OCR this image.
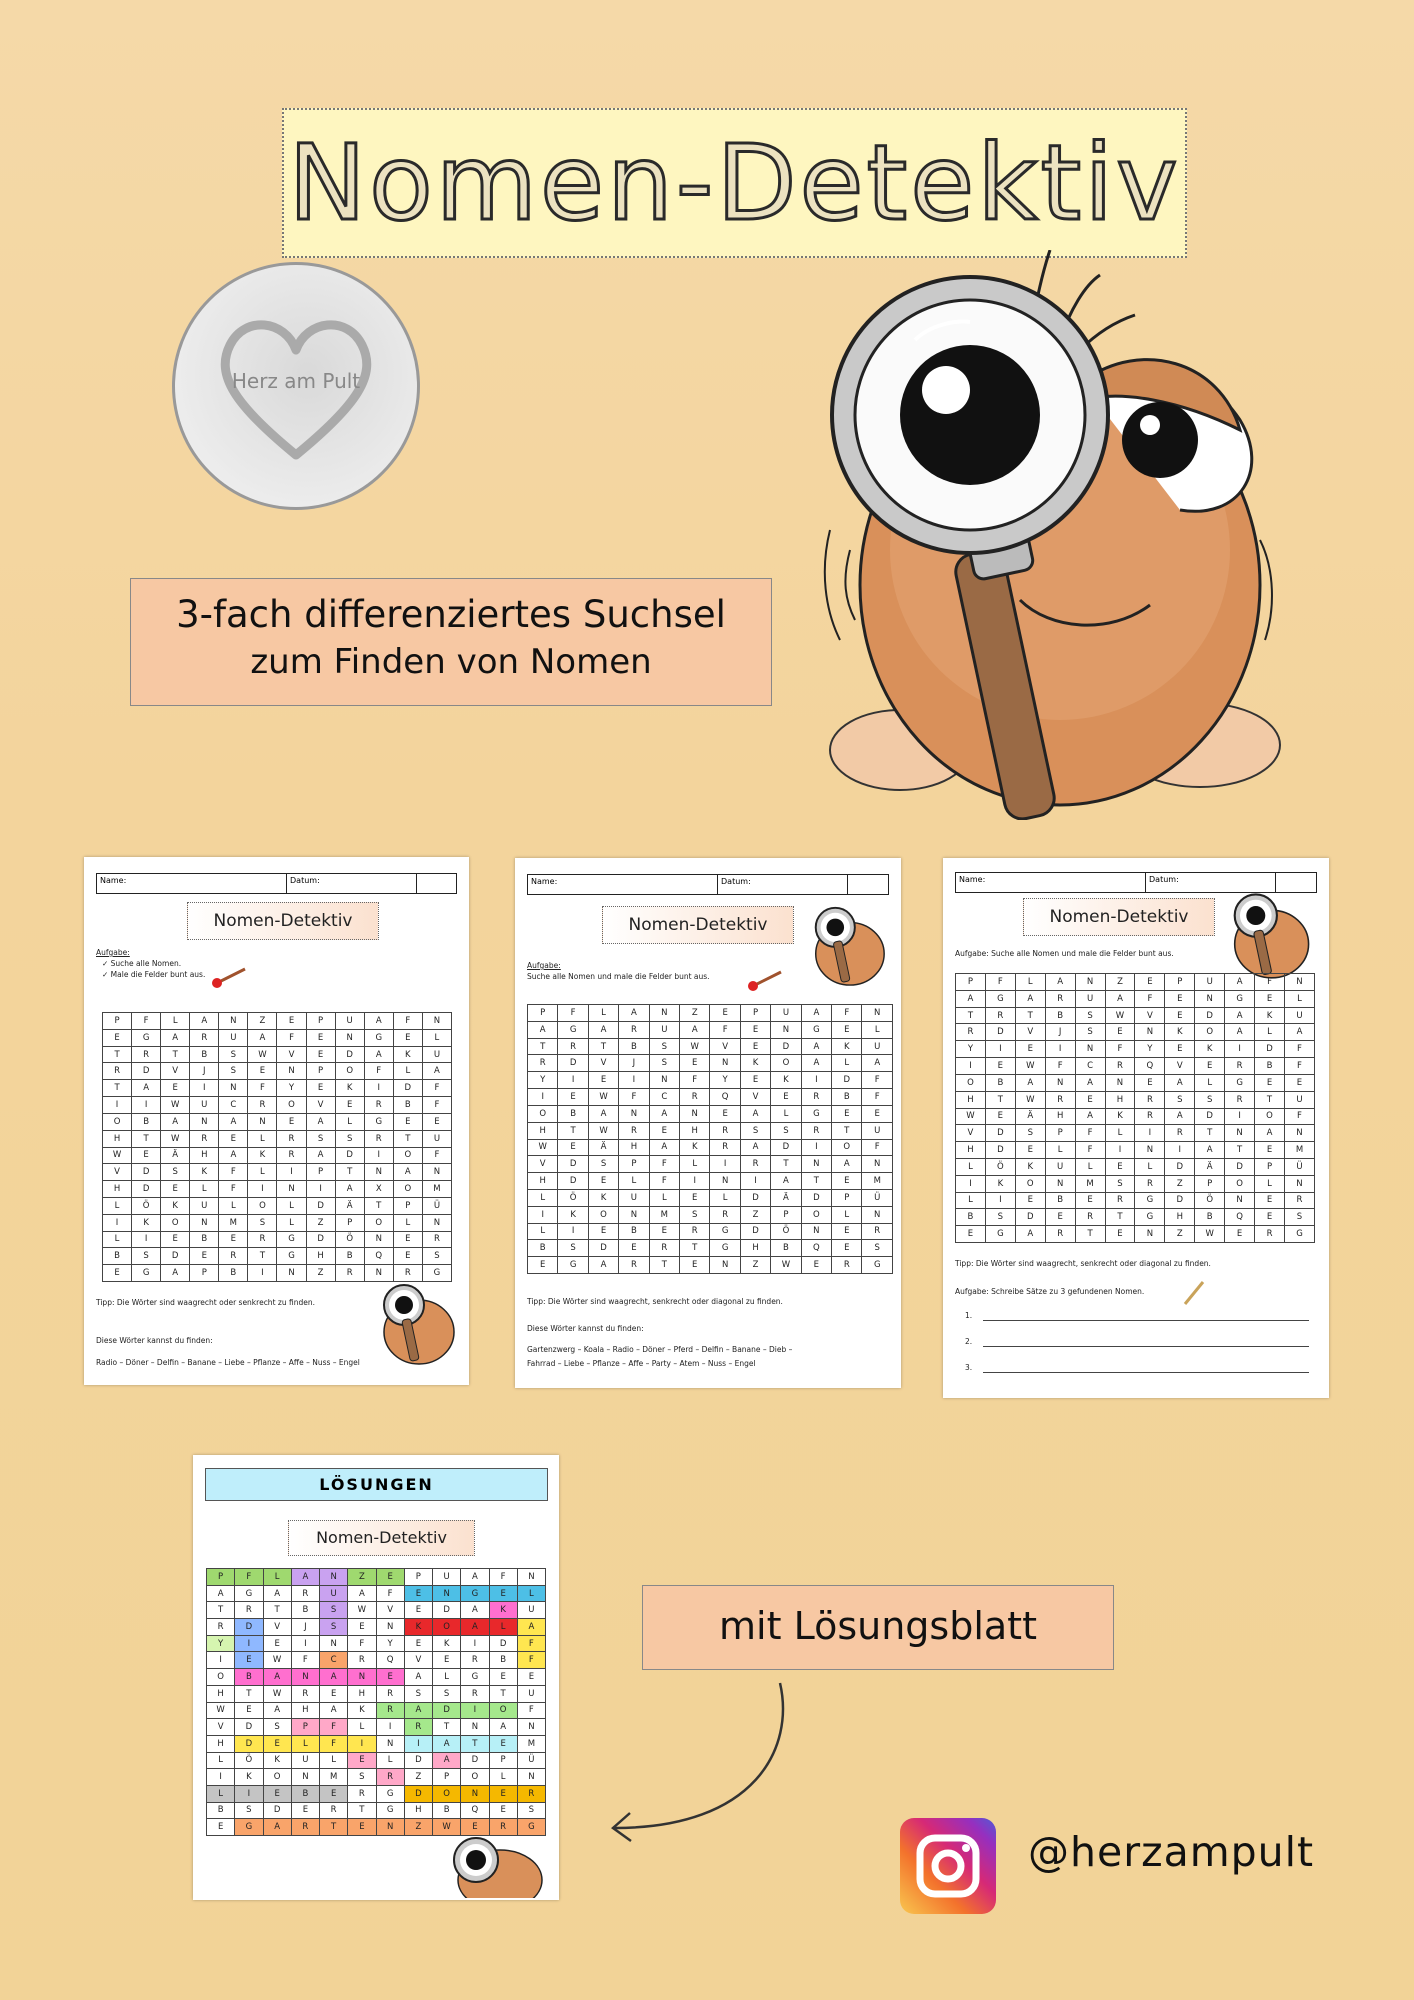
Nomen-Detektiv
Herz am Pult
3-fach differenziertes Suchsel
zum Finden von Nomen
Name:	Datum:
Nomen-Detektiv
Aufgabe:
✓ Suche alle Nomen.
✓ Male die Felder bunt aus.
P	F	L	A	N	Z	E	P	U	A	F	N
E	G	A	R	U	A	F	E	N	G	E	L
T	R	T	B	S	W	V	E	D	A	K	U
R	D	V	J	S	E	N	P	O	F	L	A
T	A	E	I	N	F	Y	E	K	I	D	F
I	I	W	U	C	R	O	V	E	R	B	F
O	B	A	N	A	N	E	A	L	G	E	E
H	T	W	R	E	L	R	S	S	R	T	U
W	E	Ä	H	A	K	R	A	D	I	O	F
V	D	S	K	F	L	I	P	T	N	A	N
H	D	E	L	F	I	N	I	A	X	O	M
L	Ö	K	U	L	O	L	D	Ä	T	P	Ü
I	K	O	N	M	S	L	Z	P	O	L	N
L	I	E	B	E	R	G	D	Ö	N	E	R
B	S	D	E	R	T	G	H	B	Q	E	S
E	G	A	P	B	I	N	Z	R	N	R	G
Tipp: Die Wörter sind waagrecht oder senkrecht zu finden.
Diese Wörter kannst du finden:
Radio – Döner – Delfin – Banane – Liebe – Pflanze – Affe – Nuss – Engel
Name:	Datum:
Nomen-Detektiv
Aufgabe:
Suche alle Nomen und male die Felder bunt aus.
P	F	L	A	N	Z	E	P	U	A	F	N
A	G	A	R	U	A	F	E	N	G	E	L
T	R	T	B	S	W	V	E	D	A	K	U
R	D	V	J	S	E	N	K	O	A	L	A
Y	I	E	I	N	F	Y	E	K	I	D	F
I	E	W	F	C	R	Q	V	E	R	B	F
O	B	A	N	A	N	E	A	L	G	E	E
H	T	W	R	E	H	R	S	S	R	T	U
W	E	Ä	H	A	K	R	A	D	I	O	F
V	D	S	P	F	L	I	R	T	N	A	N
H	D	E	L	F	I	N	I	A	T	E	M
L	Ö	K	U	L	E	L	D	Ä	D	P	Ü
I	K	O	N	M	S	R	Z	P	O	L	N
L	I	E	B	E	R	G	D	Ö	N	E	R
B	S	D	E	R	T	G	H	B	Q	E	S
E	G	A	R	T	E	N	Z	W	E	R	G
Tipp: Die Wörter sind waagrecht, senkrecht oder diagonal zu finden.
Diese Wörter kannst du finden:
Gartenzwerg – Koala – Radio – Döner – Pferd – Delfin – Banane – Dieb –
Fahrrad – Liebe – Pflanze – Affe – Party – Atem – Nuss – Engel
Name:	Datum:
Nomen-Detektiv
Aufgabe: Suche alle Nomen und male die Felder bunt aus.
P	F	L	A	N	Z	E	P	U	A	F	N
A	G	A	R	U	A	F	E	N	G	E	L
T	R	T	B	S	W	V	E	D	A	K	U
R	D	V	J	S	E	N	K	O	A	L	A
Y	I	E	I	N	F	Y	E	K	I	D	F
I	E	W	F	C	R	Q	V	E	R	B	F
O	B	A	N	A	N	E	A	L	G	E	E
H	T	W	R	E	H	R	S	S	R	T	U
W	E	Ä	H	A	K	R	A	D	I	O	F
V	D	S	P	F	L	I	R	T	N	A	N
H	D	E	L	F	I	N	I	A	T	E	M
L	Ö	K	U	L	E	L	D	Ä	D	P	Ü
I	K	O	N	M	S	R	Z	P	O	L	N
L	I	E	B	E	R	G	D	Ö	N	E	R
B	S	D	E	R	T	G	H	B	Q	E	S
E	G	A	R	T	E	N	Z	W	E	R	G
Tipp: Die Wörter sind waagrecht, senkrecht oder diagonal zu finden.
Aufgabe: Schreibe Sätze zu 3 gefundenen Nomen.
1.
2.
3.
LÖSUNGEN
Nomen-Detektiv
P	F	L	A	N	Z	E	P	U	A	F	N
A	G	A	R	U	A	F	E	N	G	E	L
T	R	T	B	S	W	V	E	D	A	K	U
R	D	V	J	S	E	N	K	O	A	L	A
Y	I	E	I	N	F	Y	E	K	I	D	F
I	E	W	F	C	R	Q	V	E	R	B	F
O	B	A	N	A	N	E	A	L	G	E	E
H	T	W	R	E	H	R	S	S	R	T	U
W	E	A	H	A	K	R	A	D	I	O	F
V	D	S	P	F	L	I	R	T	N	A	N
H	D	E	L	F	I	N	I	A	T	E	M
L	Ö	K	U	L	E	L	D	A	D	P	Ü
I	K	O	N	M	S	R	Z	P	O	L	N
L	I	E	B	E	R	G	D	O	N	E	R
B	S	D	E	R	T	G	H	B	Q	E	S
E	G	A	R	T	E	N	Z	W	E	R	G
mit Lösungsblatt
@herzampult
